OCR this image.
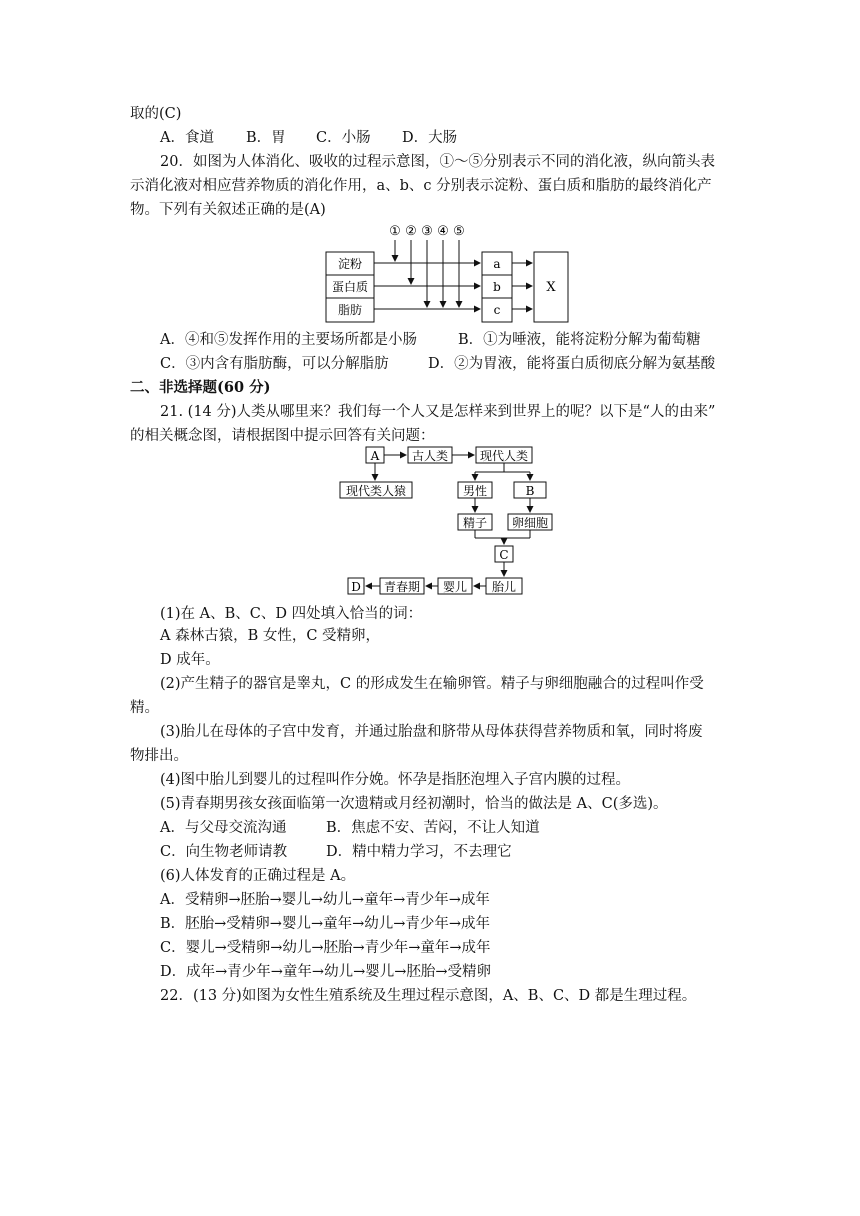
取的(C)
A．食道 B．胃 C．小肠 D．大肠
20．如图为人体消化、吸收的过程示意图，①～⑤分别表示不同的消化液，纵向箭头表
示消化液对相应营养物质的消化作用，a、b、c 分别表示淀粉、蛋白质和脂肪的最终消化产
物。下列有关叙述正确的是(A)
① ② ③ ④ ⑤
淀粉
蛋白质
脂肪
a
b
c
X
A．④和⑤发挥作用的主要场所都是小肠	B．①为唾液，能将淀粉分解为葡萄糖
C．③内含有脂肪酶，可以分解脂肪	D．②为胃液，能将蛋白质彻底分解为氨基酸
二、非选择题(60 分)
21. (14 分)人类从哪里来？我们每一个人又是怎样来到世界上的呢？以下是“人的由来”
的相关概念图，请根据图中提示回答有关问题：
A	古人类	现代人类
现代类人猿	男性	B
精子 卵细胞
C
胎儿
婴儿
青春期
D
(1)在 A、B、C、D 四处填入恰当的词：
A 森林古猿，B 女性，C 受精卵，
D 成年。
(2)产生精子的器官是睾丸，C 的形成发生在输卵管。精子与卵细胞融合的过程叫作受
精。
(3)胎儿在母体的子宫中发育，并通过胎盘和脐带从母体获得营养物质和氧，同时将废
物排出。
(4)图中胎儿到婴儿的过程叫作分娩。怀孕是指胚泡埋入子宫内膜的过程。
(5)青春期男孩女孩面临第一次遗精或月经初潮时，恰当的做法是 A、C(多选)。
A．与父母交流沟通	B．焦虑不安、苦闷，不让人知道
C．向生物老师请教	D．精中精力学习，不去理它
(6)人体发育的正确过程是 A。
A．受精卵→胚胎→婴儿→幼儿→童年→青少年→成年
B．胚胎→受精卵→婴儿→童年→幼儿→青少年→成年
C．婴儿→受精卵→幼儿→胚胎→青少年→童年→成年
D．成年→青少年→童年→幼儿→婴儿→胚胎→受精卵
22．(13 分)如图为女性生殖系统及生理过程示意图，A、B、C、D 都是生理过程。
